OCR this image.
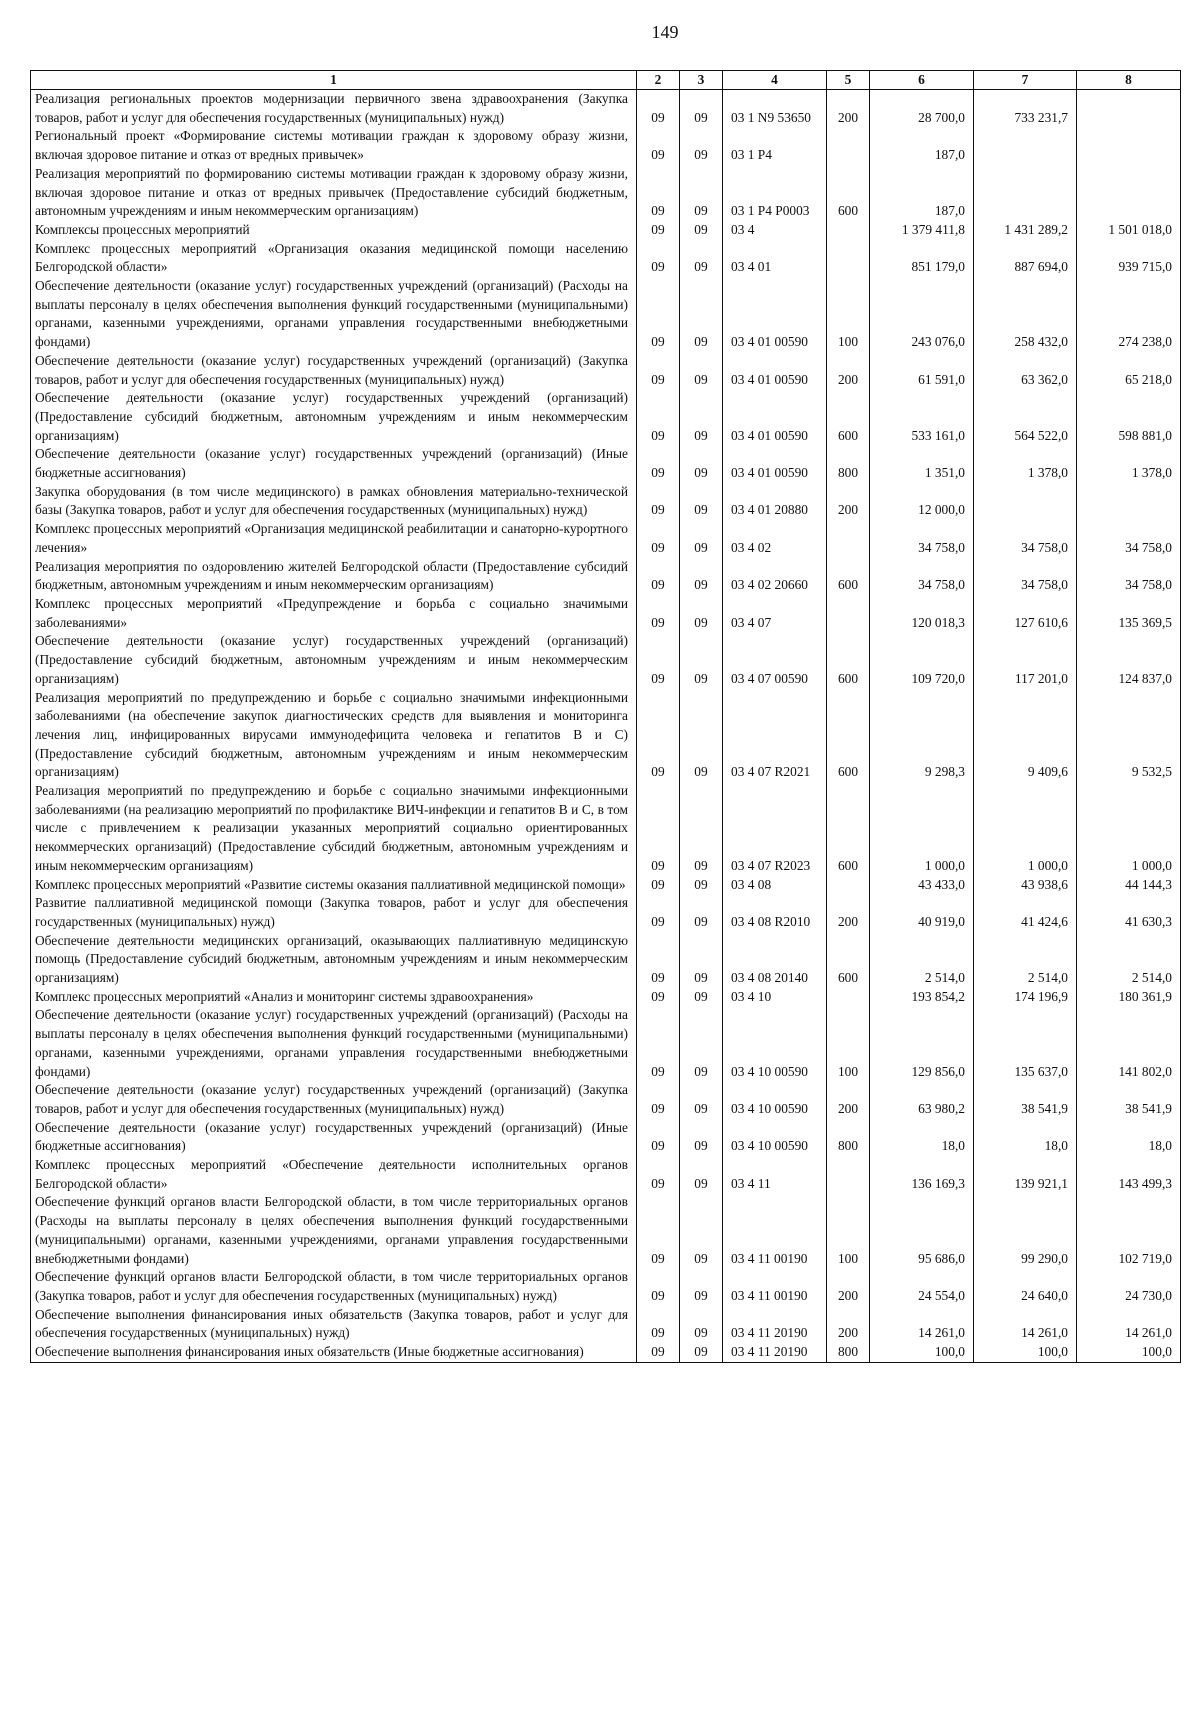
149
1	2	3	4	5	6	7	8
Реализация региональных проектов модернизации первичного звена здравоохранения (Закупка товаров, работ и услуг для обеспечения государственных (муниципальных) нужд)	09	09	03 1 N9 53650	200	28 700,0	733 231,7	
Региональный проект «Формирование системы мотивации граждан к здоровому образу жизни, включая здоровое питание и отказ от вредных привычек»	09	09	03 1 P4		187,0		
Реализация мероприятий по формированию системы мотивации граждан к здоровому образу жизни, включая здоровое питание и отказ от вредных привычек (Предоставление субсидий бюджетным, автономным учреждениям и иным некоммерческим организациям)	09	09	03 1 P4 P0003	600	187,0		
Комплексы процессных мероприятий	09	09	03 4		1 379 411,8	1 431 289,2	1 501 018,0
Комплекс процессных мероприятий «Организация оказания медицинской помощи населению Белгородской области»	09	09	03 4 01		851 179,0	887 694,0	939 715,0
Обеспечение деятельности (оказание услуг) государственных учреждений (организаций) (Расходы на выплаты персоналу в целях обеспечения выполнения функций государственными (муниципальными) органами, казенными учреждениями, органами управления государственными внебюджетными фондами)	09	09	03 4 01 00590	100	243 076,0	258 432,0	274 238,0
Обеспечение деятельности (оказание услуг) государственных учреждений (организаций) (Закупка товаров, работ и услуг для обеспечения государственных (муниципальных) нужд)	09	09	03 4 01 00590	200	61 591,0	63 362,0	65 218,0
Обеспечение деятельности (оказание услуг) государственных учреждений (организаций) (Предоставление субсидий бюджетным, автономным учреждениям и иным некоммерческим организациям)	09	09	03 4 01 00590	600	533 161,0	564 522,0	598 881,0
Обеспечение деятельности (оказание услуг) государственных учреждений (организаций) (Иные бюджетные ассигнования)	09	09	03 4 01 00590	800	1 351,0	1 378,0	1 378,0
Закупка оборудования (в том числе медицинского) в рамках обновления материально-технической базы (Закупка товаров, работ и услуг для обеспечения государственных (муниципальных) нужд)	09	09	03 4 01 20880	200	12 000,0		
Комплекс процессных мероприятий «Организация медицинской реабилитации и санаторно-курортного лечения»	09	09	03 4 02		34 758,0	34 758,0	34 758,0
Реализация мероприятия по оздоровлению жителей Белгородской области (Предоставление субсидий бюджетным, автономным учреждениям и иным некоммерческим организациям)	09	09	03 4 02 20660	600	34 758,0	34 758,0	34 758,0
Комплекс процессных мероприятий «Предупреждение и борьба с социально значимыми заболеваниями»	09	09	03 4 07		120 018,3	127 610,6	135 369,5
Обеспечение деятельности (оказание услуг) государственных учреждений (организаций) (Предоставление субсидий бюджетным, автономным учреждениям и иным некоммерческим организациям)	09	09	03 4 07 00590	600	109 720,0	117 201,0	124 837,0
Реализация мероприятий по предупреждению и борьбе с социально значимыми инфекционными заболеваниями (на обеспечение закупок диагностических средств для выявления и мониторинга лечения лиц, инфицированных вирусами иммунодефицита человека и гепатитов В и С) (Предоставление субсидий бюджетным, автономным учреждениям и иным некоммерческим организациям)	09	09	03 4 07 R2021	600	9 298,3	9 409,6	9 532,5
Реализация мероприятий по предупреждению и борьбе с социально значимыми инфекционными заболеваниями (на реализацию мероприятий по профилактике ВИЧ-инфекции и гепатитов В и С, в том числе с привлечением к реализации указанных мероприятий социально ориентированных некоммерческих организаций) (Предоставление субсидий бюджетным, автономным учреждениям и иным некоммерческим организациям)	09	09	03 4 07 R2023	600	1 000,0	1 000,0	1 000,0
Комплекс процессных мероприятий «Развитие системы оказания паллиативной медицинской помощи»	09	09	03 4 08		43 433,0	43 938,6	44 144,3
Развитие паллиативной медицинской помощи (Закупка товаров, работ и услуг для обеспечения государственных (муниципальных) нужд)	09	09	03 4 08 R2010	200	40 919,0	41 424,6	41 630,3
Обеспечение деятельности медицинских организаций, оказывающих паллиативную медицинскую помощь (Предоставление субсидий бюджетным, автономным учреждениям и иным некоммерческим организациям)	09	09	03 4 08 20140	600	2 514,0	2 514,0	2 514,0
Комплекс процессных мероприятий «Анализ и мониторинг системы здравоохранения»	09	09	03 4 10		193 854,2	174 196,9	180 361,9
Обеспечение деятельности (оказание услуг) государственных учреждений (организаций) (Расходы на выплаты персоналу в целях обеспечения выполнения функций государственными (муниципальными) органами, казенными учреждениями, органами управления государственными внебюджетными фондами)	09	09	03 4 10 00590	100	129 856,0	135 637,0	141 802,0
Обеспечение деятельности (оказание услуг) государственных учреждений (организаций) (Закупка товаров, работ и услуг для обеспечения государственных (муниципальных) нужд)	09	09	03 4 10 00590	200	63 980,2	38 541,9	38 541,9
Обеспечение деятельности (оказание услуг) государственных учреждений (организаций) (Иные бюджетные ассигнования)	09	09	03 4 10 00590	800	18,0	18,0	18,0
Комплекс процессных мероприятий «Обеспечение деятельности исполнительных органов Белгородской области»	09	09	03 4 11		136 169,3	139 921,1	143 499,3
Обеспечение функций органов власти Белгородской области, в том числе территориальных органов (Расходы на выплаты персоналу в целях обеспечения выполнения функций государственными (муниципальными) органами, казенными учреждениями, органами управления государственными внебюджетными фондами)	09	09	03 4 11 00190	100	95 686,0	99 290,0	102 719,0
Обеспечение функций органов власти Белгородской области, в том числе территориальных органов (Закупка товаров, работ и услуг для обеспечения государственных (муниципальных) нужд)	09	09	03 4 11 00190	200	24 554,0	24 640,0	24 730,0
Обеспечение выполнения финансирования иных обязательств (Закупка товаров, работ и услуг для обеспечения государственных (муниципальных) нужд)	09	09	03 4 11 20190	200	14 261,0	14 261,0	14 261,0
Обеспечение выполнения финансирования иных обязательств (Иные бюджетные ассигнования)	09	09	03 4 11 20190	800	100,0	100,0	100,0
